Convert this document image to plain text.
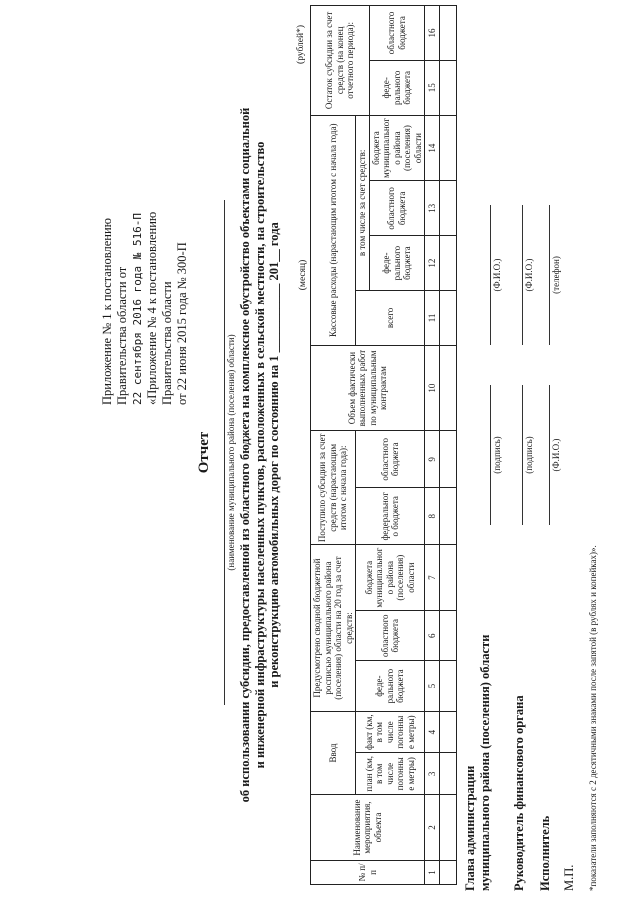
Приложение № 1 к постановлению Правительства области от 22 сентября 2016 года № 516-П «Приложение № 4 к постановлению Правительства области от 22 июня 2015 года № 300-П
Отчет (наименование муниципального района (поселения) области) об использовании субсидии, предоставленной из областного бюджета на комплексное обустройство объектами социальной и инженерной инфраструктуры населенных пунктов, расположенных в сельской местности, на строительство и реконструкцию автомобильных дорог по состоянию на 1 ___________ 201__ года (месяц)
(рублей*)
№ п/п	Наименование мероприятия, объекта	Ввод		Предусмотрено сводной бюджетной росписью муниципального района (поселения) области на 20 год за счет средств:			Поступило субсидии за счет средств (нарастающим итогом с начала года):		Объем фактически выполненных работ по муниципальным контрактам	Кассовые расходы (нарастающим итогом с начала года)				Остаток субсидии за счет средств (на конец отчетного периода):	
		план (км, в том числе погонные метры)	факт (км, в том числе погонные метры)	феде-рального бюджета	областного бюджета	бюджета муниципального района (поселения) области	федерального бюджета	областного бюджета		всего	в том числе за счет средств:				
											феде-рального бюджета	областного бюджета	бюджета муниципального района (поселения) области	феде-рального бюджета	областного бюджета
1	2	3	4	5	6	7	8	9	10	11	12	13	14	15	16

Глава администрации муниципального района (поселения) области
(подпись)
(Ф.И.О.)
Руководитель финансового органа
(подпись)
(Ф.И.О.)
Исполнитель
(Ф.И.О.)
(телефон)
М.П. *показатели заполняются с 2 десятичными знаками после запятой (в рублях и копейках)».
